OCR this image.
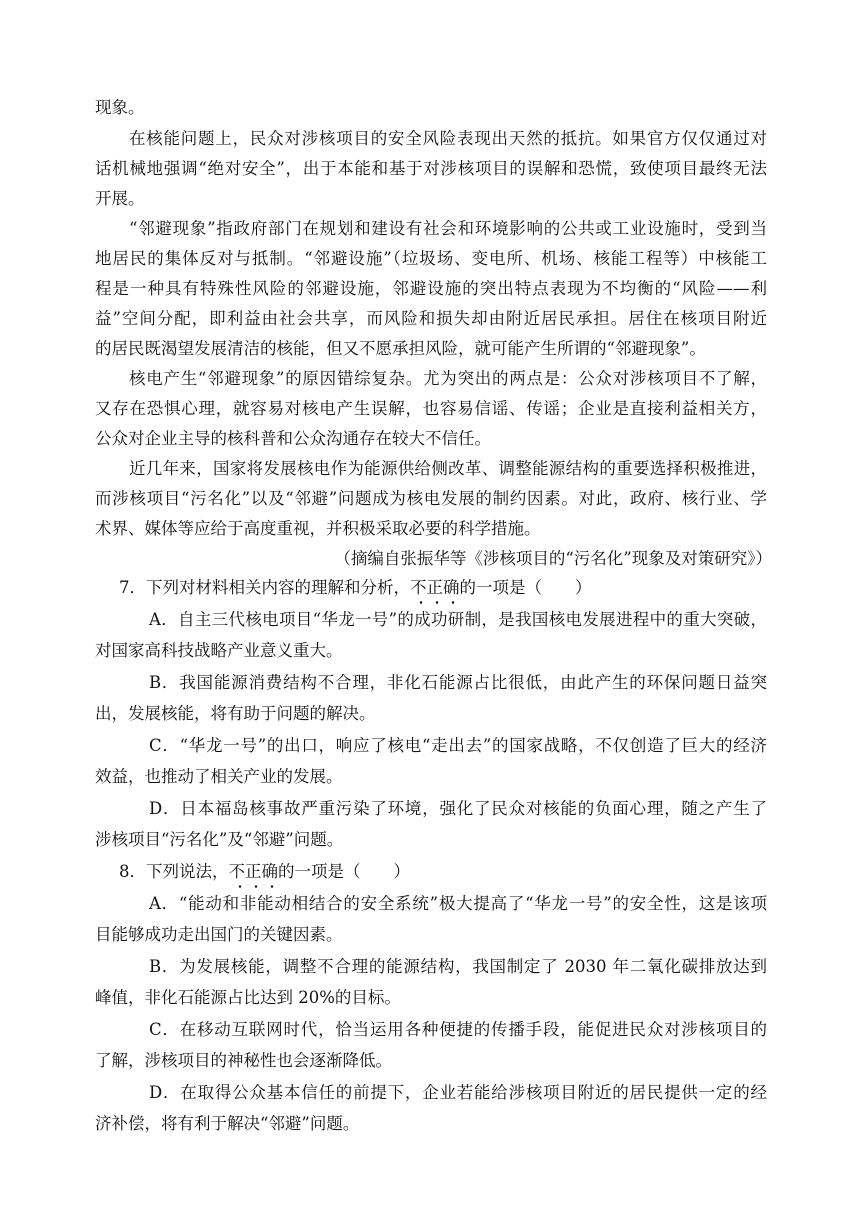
现象。
在核能问题上，民众对涉核项目的安全风险表现出天然的抵抗。如果官方仅仅通过对
话机械地强调“绝对安全”，出于本能和基于对涉核项目的误解和恐慌，致使项目最终无法
开展。
“邻避现象”指政府部门在规划和建设有社会和环境影响的公共或工业设施时，受到当
地居民的集体反对与抵制。“邻避设施”（垃圾场、变电所、机场、核能工程等）中核能工
程是一种具有特殊性风险的邻避设施，邻避设施的突出特点表现为不均衡的“风险——利
益”空间分配，即利益由社会共享，而风险和损失却由附近居民承担。居住在核项目附近
的居民既渴望发展清洁的核能，但又不愿承担风险，就可能产生所谓的“邻避现象”。
核电产生“邻避现象”的原因错综复杂。尤为突出的两点是：公众对涉核项目不了解，
又存在恐惧心理，就容易对核电产生误解，也容易信谣、传谣；企业是直接利益相关方，
公众对企业主导的核科普和公众沟通存在较大不信任。
近几年来，国家将发展核电作为能源供给侧改革、调整能源结构的重要选择积极推进，
而涉核项目“污名化”以及“邻避”问题成为核电发展的制约因素。对此，政府、核行业、学
术界、媒体等应给于高度重视，并积极采取必要的科学措施。
（摘编自张振华等《涉核项目的“污名化”现象及对策研究》）
7．下列对材料相关内容的理解和分析，不正确的一项是（　　）
A．自主三代核电项目“华龙一号”的成功研制，是我国核电发展进程中的重大突破，
对国家高科技战略产业意义重大。
B．我国能源消费结构不合理，非化石能源占比很低，由此产生的环保问题日益突
出，发展核能，将有助于问题的解决。
C．“华龙一号”的出口，响应了核电“走出去”的国家战略，不仅创造了巨大的经济
效益，也推动了相关产业的发展。
D．日本福岛核事故严重污染了环境，强化了民众对核能的负面心理，随之产生了
涉核项目“污名化”及“邻避”问题。
8．下列说法，不正确的一项是（　　）
A．“能动和非能动相结合的安全系统”极大提高了“华龙一号”的安全性，这是该项
目能够成功走出国门的关键因素。
B．为发展核能，调整不合理的能源结构，我国制定了 2030 年二氧化碳排放达到
峰值，非化石能源占比达到 20%的目标。
C．在移动互联网时代，恰当运用各种便捷的传播手段，能促进民众对涉核项目的
了解，涉核项目的神秘性也会逐渐降低。
D．在取得公众基本信任的前提下，企业若能给涉核项目附近的居民提供一定的经
济补偿，将有利于解决“邻避”问题。
